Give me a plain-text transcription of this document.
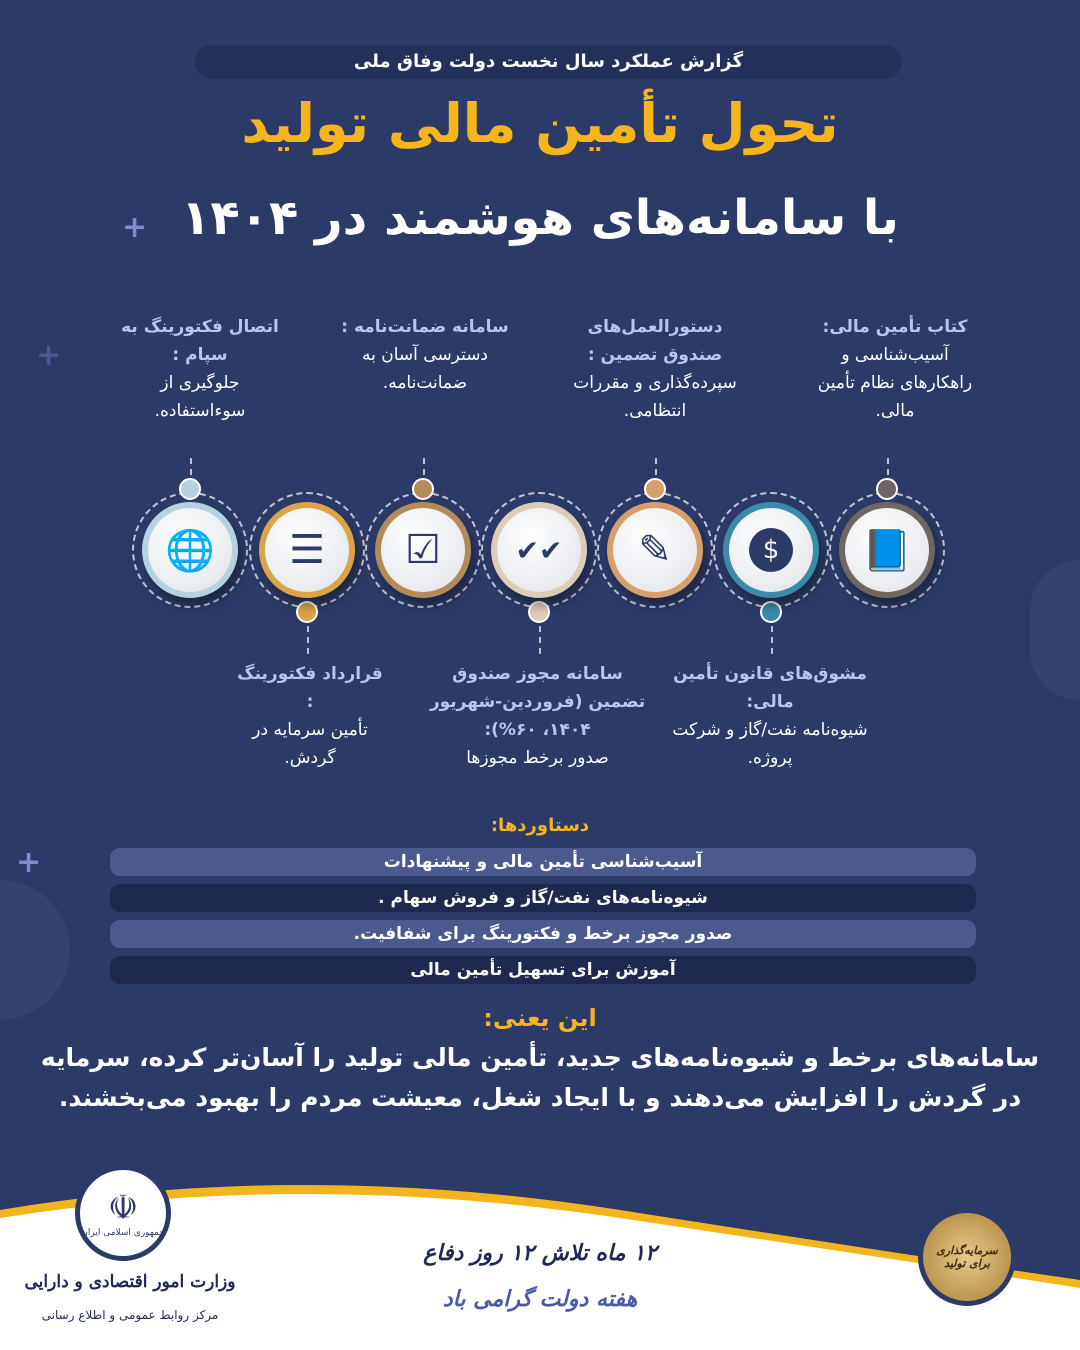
+
+
+
گزارش عملکرد سال نخست دولت وفاق ملی
تحول تأمین مالی تولید
با سامانه‌های هوشمند در ۱۴۰۴
کتاب تأمین مالی:
آسیب‌شناسی و راهکارهای نظام تأمین مالی.
دستورالعمل‌های صندوق تضمین :
سپرده‌گذاری و مقررات انتظامی.
سامانه ضمانت‌نامه :
دسترسی آسان به ضمانت‌نامه.
اتصال فکتورینگ به سپام :
جلوگیری از سوءاستفاده.
📘
$
✎
✔✔
☑
☰
🌐
مشوق‌های قانون تأمین مالی:
شیوه‌نامه نفت/گاز و شرکت پروژه.
سامانه مجوز صندوق تضمین (فروردین-شهریور ۱۴۰۴، ۶۰%):
صدور برخط مجوزها
قرارداد فکتورینگ :
تأمین سرمایه در گردش.
دستاوردها:
آسیب‌شناسی تأمین مالی و پیشنهادات
شیوه‌نامه‌های نفت/گاز و فروش سهام .
صدور مجوز برخط و فکتورینگ برای شفافیت.
آموزش برای تسهیل تأمین مالی
این یعنی:
سامانه‌های برخط و شیوه‌نامه‌های جدید، تأمین مالی تولید را آسان‌تر کرده، سرمایه در گردش را افزایش می‌دهند و با ایجاد شغل، معیشت مردم را بهبود می‌بخشند.
☫
جمهوری اسلامی ایران
وزارت امور اقتصادی و دارایی
مرکز روابط عمومی و اطلاع رسانی
۱۲ ماه تلاش ۱۲ روز دفاع
هفته دولت گرامی باد
سرمایه‌گذاری برای تولید
